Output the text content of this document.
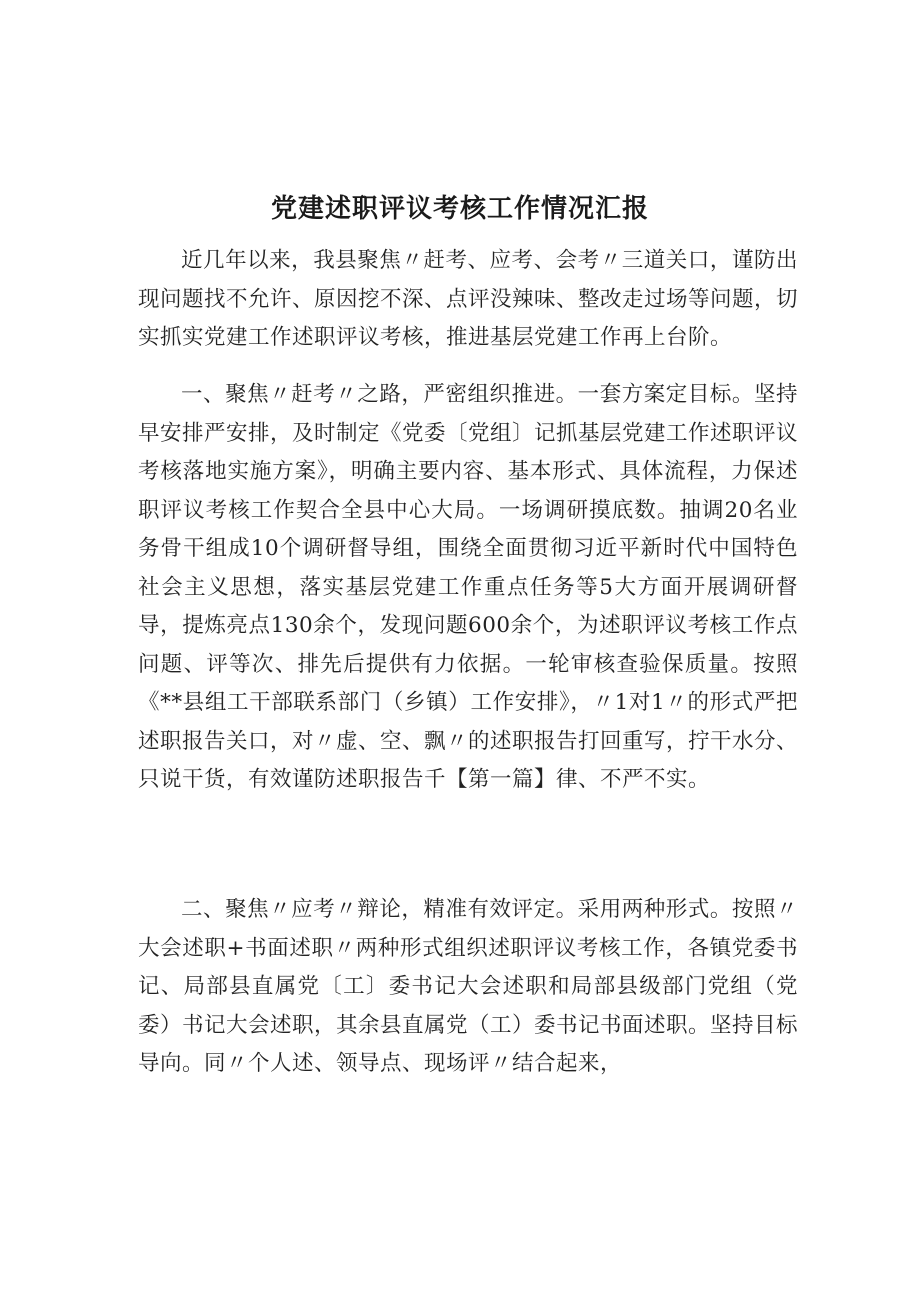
党建述职评议考核工作情况汇报

近几年以来，我县聚焦〃赶考、应考、会考〃三道关口，谨防出现问题找不允许、原因挖不深、点评没辣味、整改走过场等问题，切实抓实党建工作述职评议考核，推进基层党建工作再上台阶。

一、聚焦〃赶考〃之路，严密组织推进。一套方案定目标。坚持早安排严安排，及时制定《党委〔党组〕记抓基层党建工作述职评议考核落地实施方案》，明确主要内容、基本形式、具体流程，力保述职评议考核工作契合全县中心大局。一场调研摸底数。抽调20名业务骨干组成10个调研督导组，围绕全面贯彻习近平新时代中国特色社会主义思想，落实基层党建工作重点任务等5大方面开展调研督导，提炼亮点130余个，发现问题600余个，为述职评议考核工作点问题、评等次、排先后提供有力依据。一轮审核查验保质量。按照《**县组工干部联系部门（乡镇）工作安排》，〃1对1〃的形式严把述职报告关口，对〃虚、空、飘〃的述职报告打回重写，拧干水分、只说干货，有效谨防述职报告千【第一篇】律、不严不实。

二、聚焦〃应考〃辩论，精准有效评定。采用两种形式。按照〃大会述职+书面述职〃两种形式组织述职评议考核工作，各镇党委书记、局部县直属党〔工〕委书记大会述职和局部县级部门党组（党委）书记大会述职，其余县直属党（工）委书记书面述职。坚持目标导向。同〃个人述、领导点、现场评〃结合起来，
